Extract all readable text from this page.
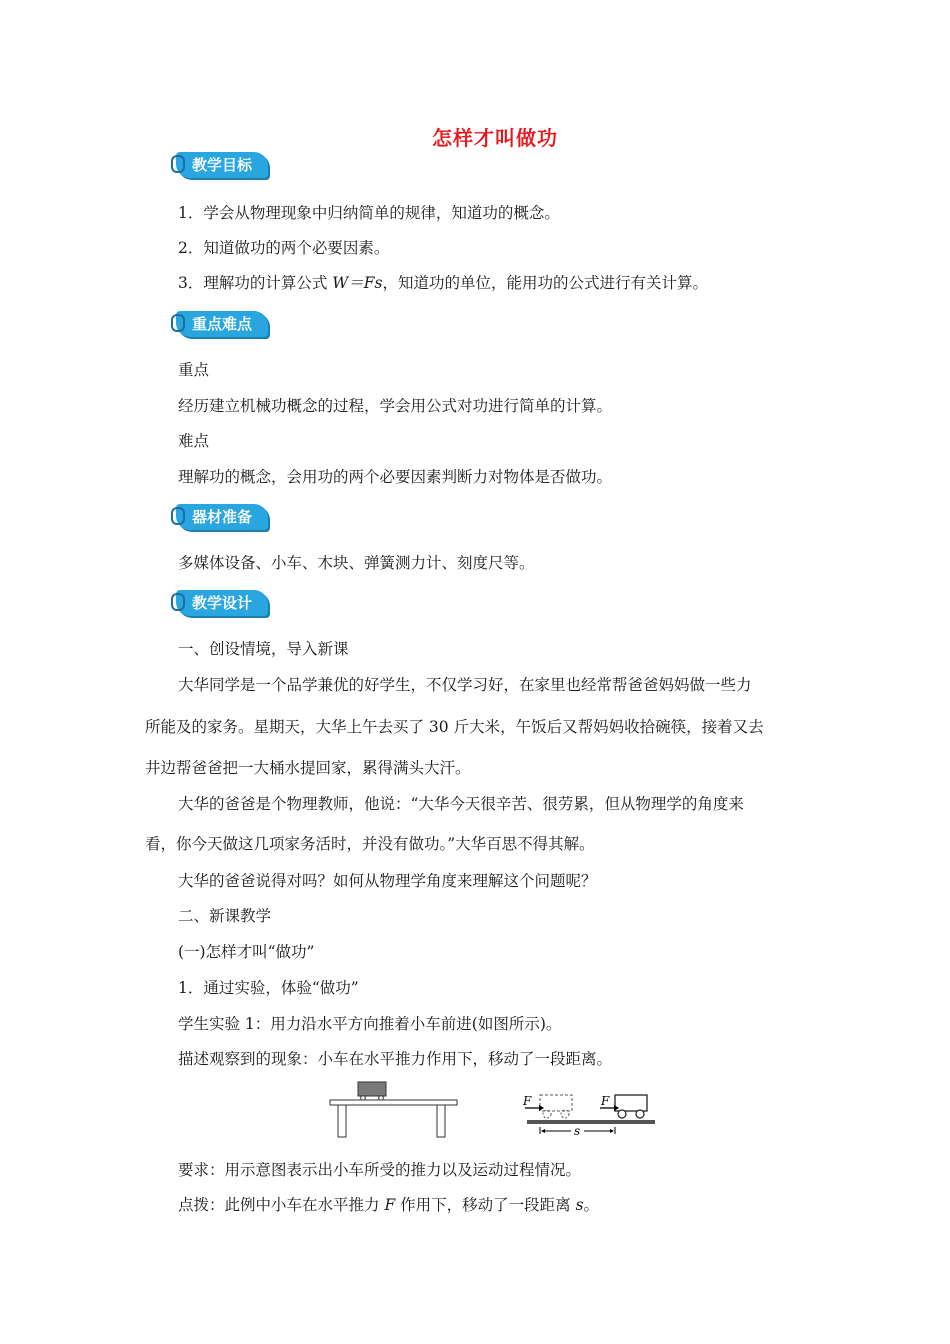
怎样才叫做功
教学目标
1．学会从物理现象中归纳简单的规律，知道功的概念。
2．知道做功的两个必要因素。
3．理解功的计算公式 W＝Fs，知道功的单位，能用功的公式进行有关计算。
重点难点
重点
经历建立机械功概念的过程，学会用公式对功进行简单的计算。
难点
理解功的概念，会用功的两个必要因素判断力对物体是否做功。
器材准备
多媒体设备、小车、木块、弹簧测力计、刻度尺等。
教学设计
一、创设情境，导入新课
大华同学是一个品学兼优的好学生，不仅学习好，在家里也经常帮爸爸妈妈做一些力
所能及的家务。星期天，大华上午去买了 30 斤大米，午饭后又帮妈妈收拾碗筷，接着又去
井边帮爸爸把一大桶水提回家，累得满头大汗。
大华的爸爸是个物理教师，他说：“大华今天很辛苦、很劳累，但从物理学的角度来
看，你今天做这几项家务活时，并没有做功。”大华百思不得其解。
大华的爸爸说得对吗？如何从物理学角度来理解这个问题呢？
二、新课教学
(一)怎样才叫“做功”
1．通过实验，体验“做功”
学生实验 1：用力沿水平方向推着小车前进(如图所示)。
描述观察到的现象：小车在水平推力作用下，移动了一段距离。
F	F
s
要求：用示意图表示出小车所受的推力以及运动过程情况。
点拨：此例中小车在水平推力 F 作用下，移动了一段距离 s。
